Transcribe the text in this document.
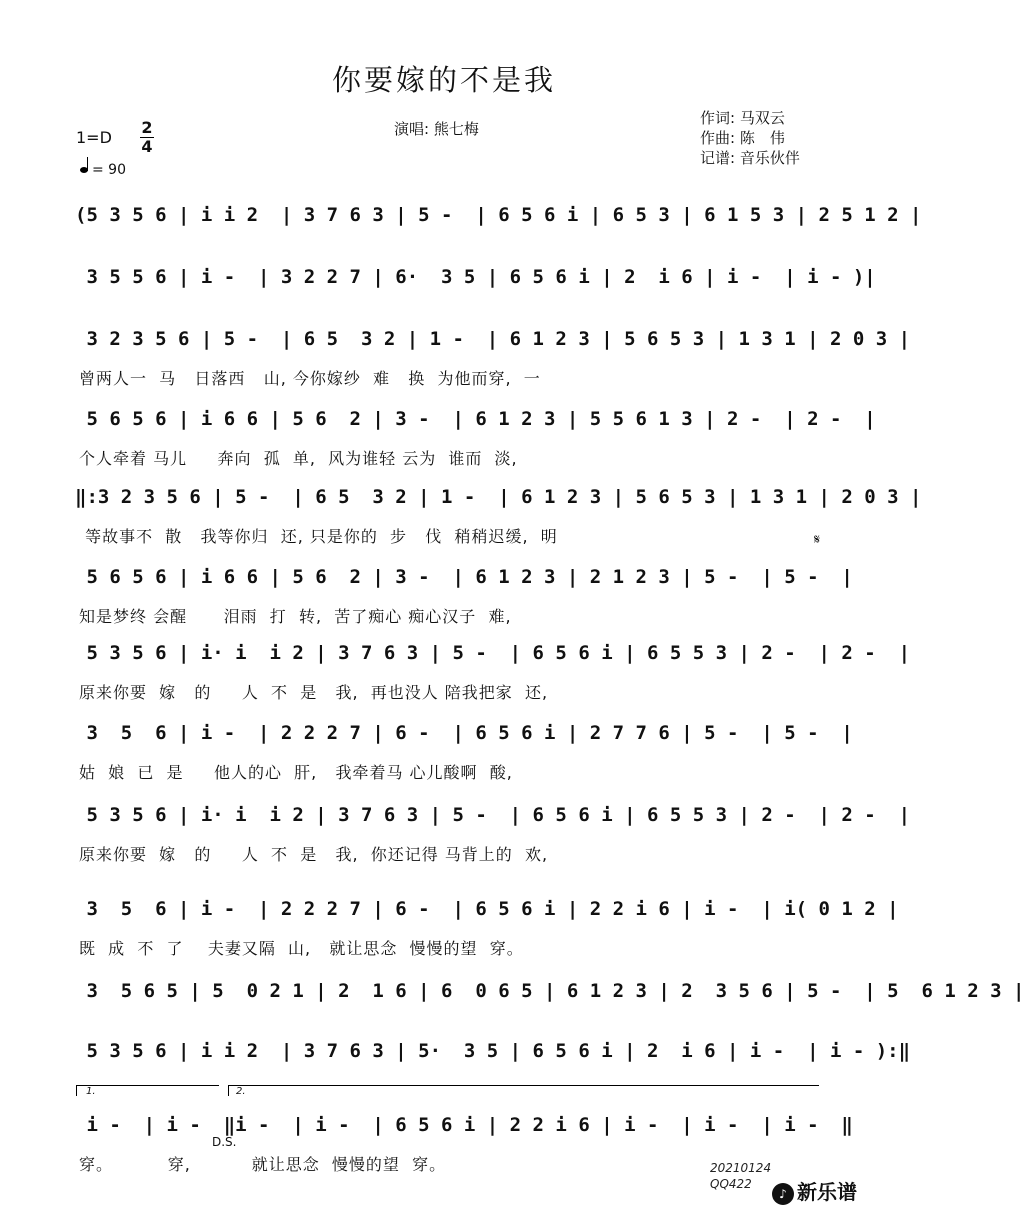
你要嫁的不是我
演唱: 熊七梅
作词: 马双云
作曲: 陈　伟
记谱: 音乐伙伴
1=D
2
4
= 90
(5 3 5 6 | i i 2  | 3 7 6 3 | 5 -  | 6 5 6 i | 6 5 3 | 6 1 5 3 | 2 5 1 2 |
3 5 5 6 | i -  | 3 2 2 7 | 6·  3 5 | 6 5 6 i | 2  i 6 | i -  | i - )|
3 2 3 5 6 | 5 -  | 6 5  3 2 | 1 -  | 6 1 2 3 | 5 6 5 3 | 1 3 1 | 2 0 3 |
曾两人一  马   日落西   山, 今你嫁纱  难   换  为他而穿,  一
5 6 5 6 | i 6 6 | 5 6  2 | 3 -  | 6 1 2 3 | 5 5 6 1 3 | 2 -  | 2 -  |
个人牵着 马儿     奔向  孤  单,  风为谁轻 云为  谁而  淡,
‖:3 2 3 5 6 | 5 -  | 6 5  3 2 | 1 -  | 6 1 2 3 | 5 6 5 3 | 1 3 1 | 2 0 3 |
等故事不  散   我等你归  还, 只是你的  步   伐  稍稍迟缓,  明
5 6 5 6 | i 6 6 | 5 6  2 | 3 -  | 6 1 2 3 | 2 1 2 3 | 5 -  | 5 -  |
知是梦终 会醒      泪雨  打  转,  苦了痴心 痴心汉子  难,
5 3 5 6 | i· i  i 2 | 3 7 6 3 | 5 -  | 6 5 6 i | 6 5 5 3 | 2 -  | 2 -  |
原来你要  嫁   的     人  不  是   我,  再也没人 陪我把家  还,
3  5  6 | i -  | 2 2 2 7 | 6 -  | 6 5 6 i | 2 7 7 6 | 5 -  | 5 -  |
姑  娘  已  是     他人的心  肝,   我牵着马 心儿酸啊  酸,
5 3 5 6 | i· i  i 2 | 3 7 6 3 | 5 -  | 6 5 6 i | 6 5 5 3 | 2 -  | 2 -  |
原来你要  嫁   的     人  不  是   我,  你还记得 马背上的  欢,
3  5  6 | i -  | 2 2 2 7 | 6 -  | 6 5 6 i | 2 2 i 6 | i -  | i( 0 1 2 |
既  成  不  了    夫妻又隔  山,   就让思念  慢慢的望  穿。
3  5 6 5 | 5  0 2 1 | 2  1 6 | 6  0 6 5 | 6 1 2 3 | 2  3 5 6 | 5 -  | 5  6 1 2 3 |
5 3 5 6 | i i 2  | 3 7 6 3 | 5·  3 5 | 6 5 6 i | 2  i 6 | i -  | i - ):‖
i -  | i -  ‖i -  | i -  | 6 5 6 i | 2 2 i 6 | i -  | i -  | i -  ‖
穿。         穿,          就让思念  慢慢的望  穿。
𝄋
1.	2.
D.S.
20210124
QQ422
♪ 新乐谱
